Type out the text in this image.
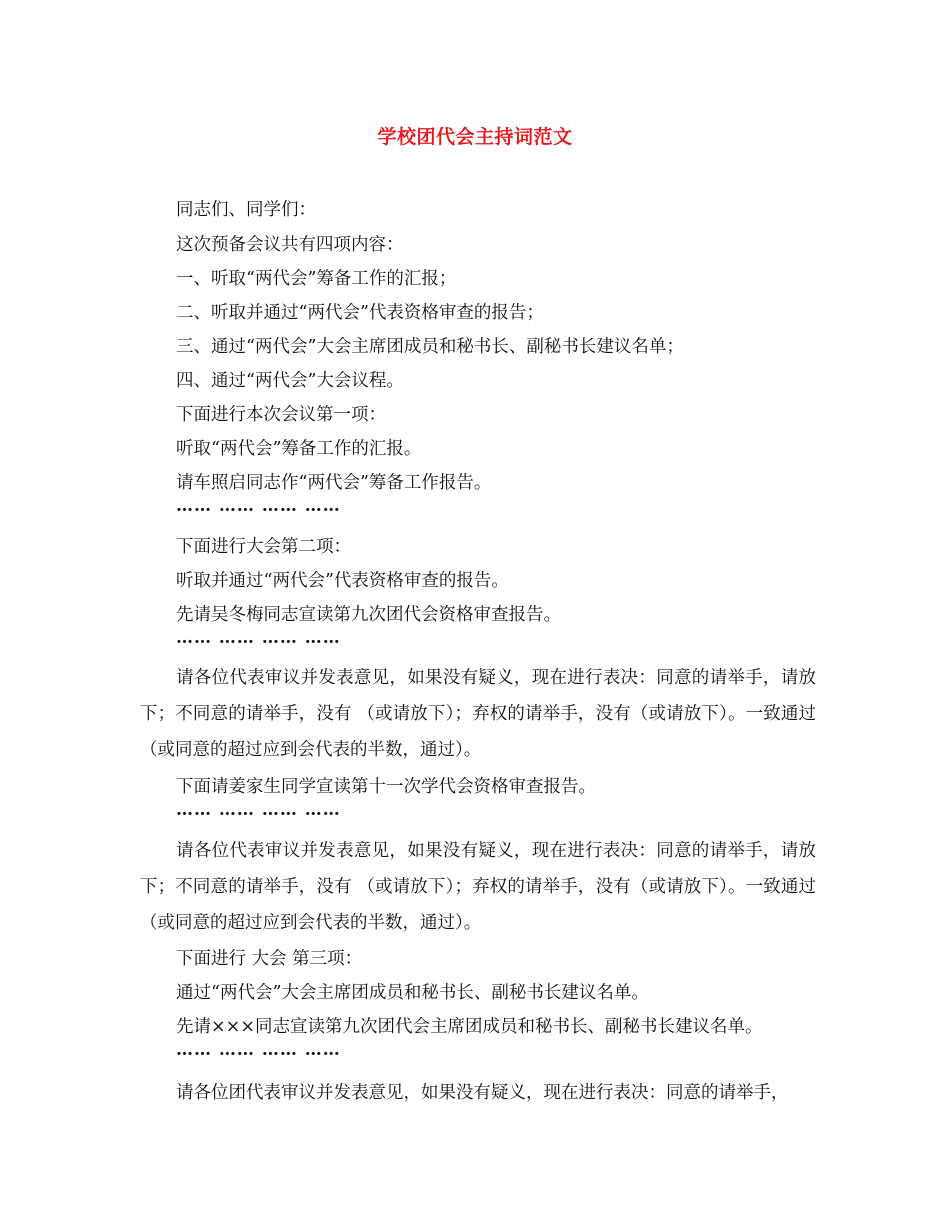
学校团代会主持词范文
同志们、同学们：
这次预备会议共有四项内容：
一、听取“两代会”筹备工作的汇报；
二、听取并通过“两代会”代表资格审查的报告；
三、通过“两代会”大会主席团成员和秘书长、副秘书长建议名单；
四、通过“两代会”大会议程。
下面进行本次会议第一项：
听取“两代会”筹备工作的汇报。
请车照启同志作“两代会”筹备工作报告。
…… …… …… ……
下面进行大会第二项：
听取并通过“两代会”代表资格审查的报告。
先请吴冬梅同志宣读第九次团代会资格审查报告。
…… …… …… ……
请各位代表审议并发表意见，如果没有疑义，现在进行表决：同意的请举手，请放下；不同意的请举手，没有 （或请放下）；弃权的请举手，没有（或请放下）。一致通过（或同意的超过应到会代表的半数，通过）。
下面请姜家生同学宣读第十一次学代会资格审查报告。
…… …… …… ……
请各位代表审议并发表意见，如果没有疑义，现在进行表决：同意的请举手，请放下；不同意的请举手，没有 （或请放下）；弃权的请举手，没有（或请放下）。一致通过（或同意的超过应到会代表的半数，通过）。
下面进行 大会 第三项：
通过“两代会”大会主席团成员和秘书长、副秘书长建议名单。
先请×××同志宣读第九次团代会主席团成员和秘书长、副秘书长建议名单。
…… …… …… ……
请各位团代表审议并发表意见，如果没有疑义，现在进行表决：同意的请举手，
